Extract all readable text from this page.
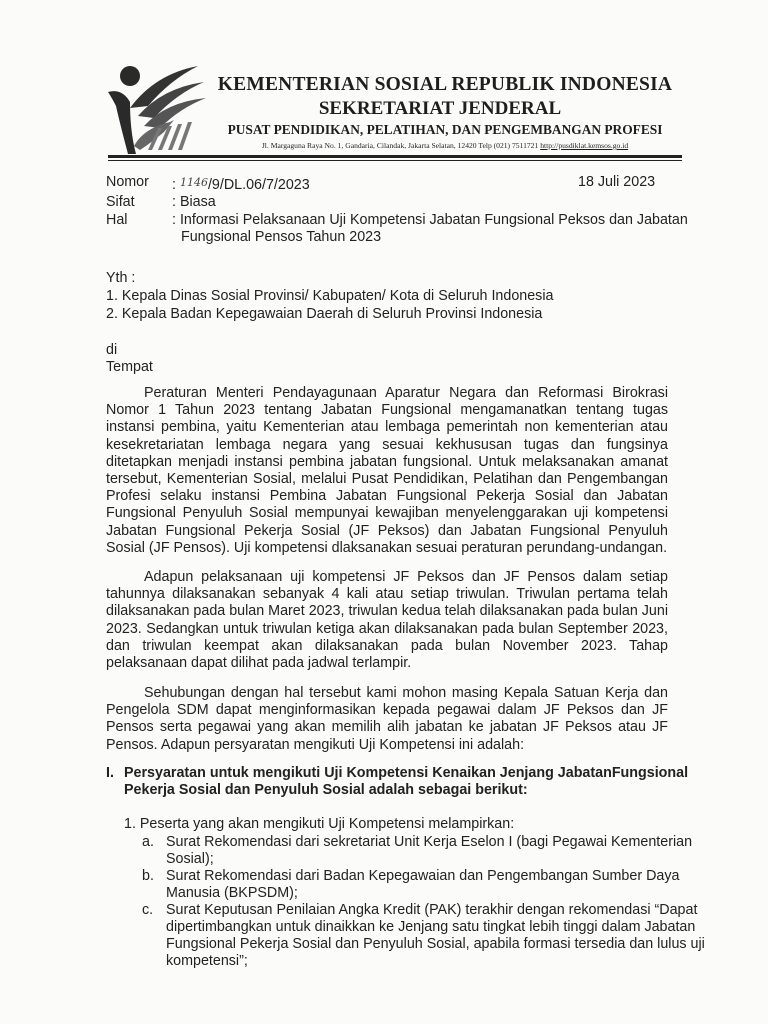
KEMENTERIAN SOSIAL REPUBLIK INDONESIA
SEKRETARIAT JENDERAL
PUSAT PENDIDIKAN, PELATIHAN, DAN PENGEMBANGAN PROFESI
Jl. Margaguna Raya No. 1, Gandaria, Cilandak, Jakarta Selatan, 12420 Telp (021) 7511721 http://pusdiklat.kemsos.go.id
Nomor : $^{1146}$/9/DL.06/7/2023	18 Juli 2023
Sifat	: Biasa
Hal	: Informasi Pelaksanaan Uji Kompetensi Jabatan Fungsional Peksos dan Jabatan
Fungsional Pensos Tahun 2023
Yth :
1. Kepala Dinas Sosial Provinsi/ Kabupaten/ Kota di Seluruh Indonesia
2. Kepala Badan Kepegawaian Daerah di Seluruh Provinsi Indonesia
di
Tempat
Peraturan Menteri Pendayagunaan Aparatur Negara dan Reformasi Birokrasi Nomor 1 Tahun 2023 tentang Jabatan Fungsional mengamanatkan tentang tugas instansi pembina, yaitu Kementerian atau lembaga pemerintah non kementerian atau kesekretariatan lembaga negara yang sesuai kekhususan tugas dan fungsinya ditetapkan menjadi instansi pembina jabatan fungsional. Untuk melaksanakan amanat tersebut, Kementerian Sosial, melalui Pusat Pendidikan, Pelatihan dan Pengembangan Profesi selaku instansi Pembina Jabatan Fungsional Pekerja Sosial dan Jabatan Fungsional Penyuluh Sosial mempunyai kewajiban menyelenggarakan uji kompetensi Jabatan Fungsional Pekerja Sosial (JF Peksos) dan Jabatan Fungsional Penyuluh Sosial (JF Pensos). Uji kompetensi dlaksanakan sesuai peraturan perundang-undangan.
Adapun pelaksanaan uji kompetensi JF Peksos dan JF Pensos dalam setiap tahunnya dilaksanakan sebanyak 4 kali atau setiap triwulan. Triwulan pertama telah dilaksanakan pada bulan Maret 2023, triwulan kedua telah dilaksanakan pada bulan Juni 2023. Sedangkan untuk triwulan ketiga akan dilaksanakan pada bulan September 2023, dan triwulan keempat akan dilaksanakan pada bulan November 2023. Tahap pelaksanaan dapat dilihat pada jadwal terlampir.
Sehubungan dengan hal tersebut kami mohon masing Kepala Satuan Kerja dan Pengelola SDM dapat menginformasikan kepada pegawai dalam JF Peksos dan JF Pensos serta pegawai yang akan memilih alih jabatan ke jabatan JF Peksos atau JF Pensos. Adapun persyaratan mengikuti Uji Kompetensi ini adalah:
I. Persyaratan untuk mengikuti Uji Kompetensi Kenaikan Jenjang JabatanFungsional
Pekerja Sosial dan Penyuluh Sosial adalah sebagai berikut:
1. Peserta yang akan mengikuti Uji Kompetensi melampirkan:
a. Surat Rekomendasi dari sekretariat Unit Kerja Eselon I (bagi Pegawai Kementerian
Sosial);
b. Surat Rekomendasi dari Badan Kepegawaian dan Pengembangan Sumber Daya
Manusia (BKPSDM);
c. Surat Keputusan Penilaian Angka Kredit (PAK) terakhir dengan rekomendasi “Dapat
dipertimbangkan untuk dinaikkan ke Jenjang satu tingkat lebih tinggi dalam Jabatan
Fungsional Pekerja Sosial dan Penyuluh Sosial, apabila formasi tersedia dan lulus uji
kompetensi”;
